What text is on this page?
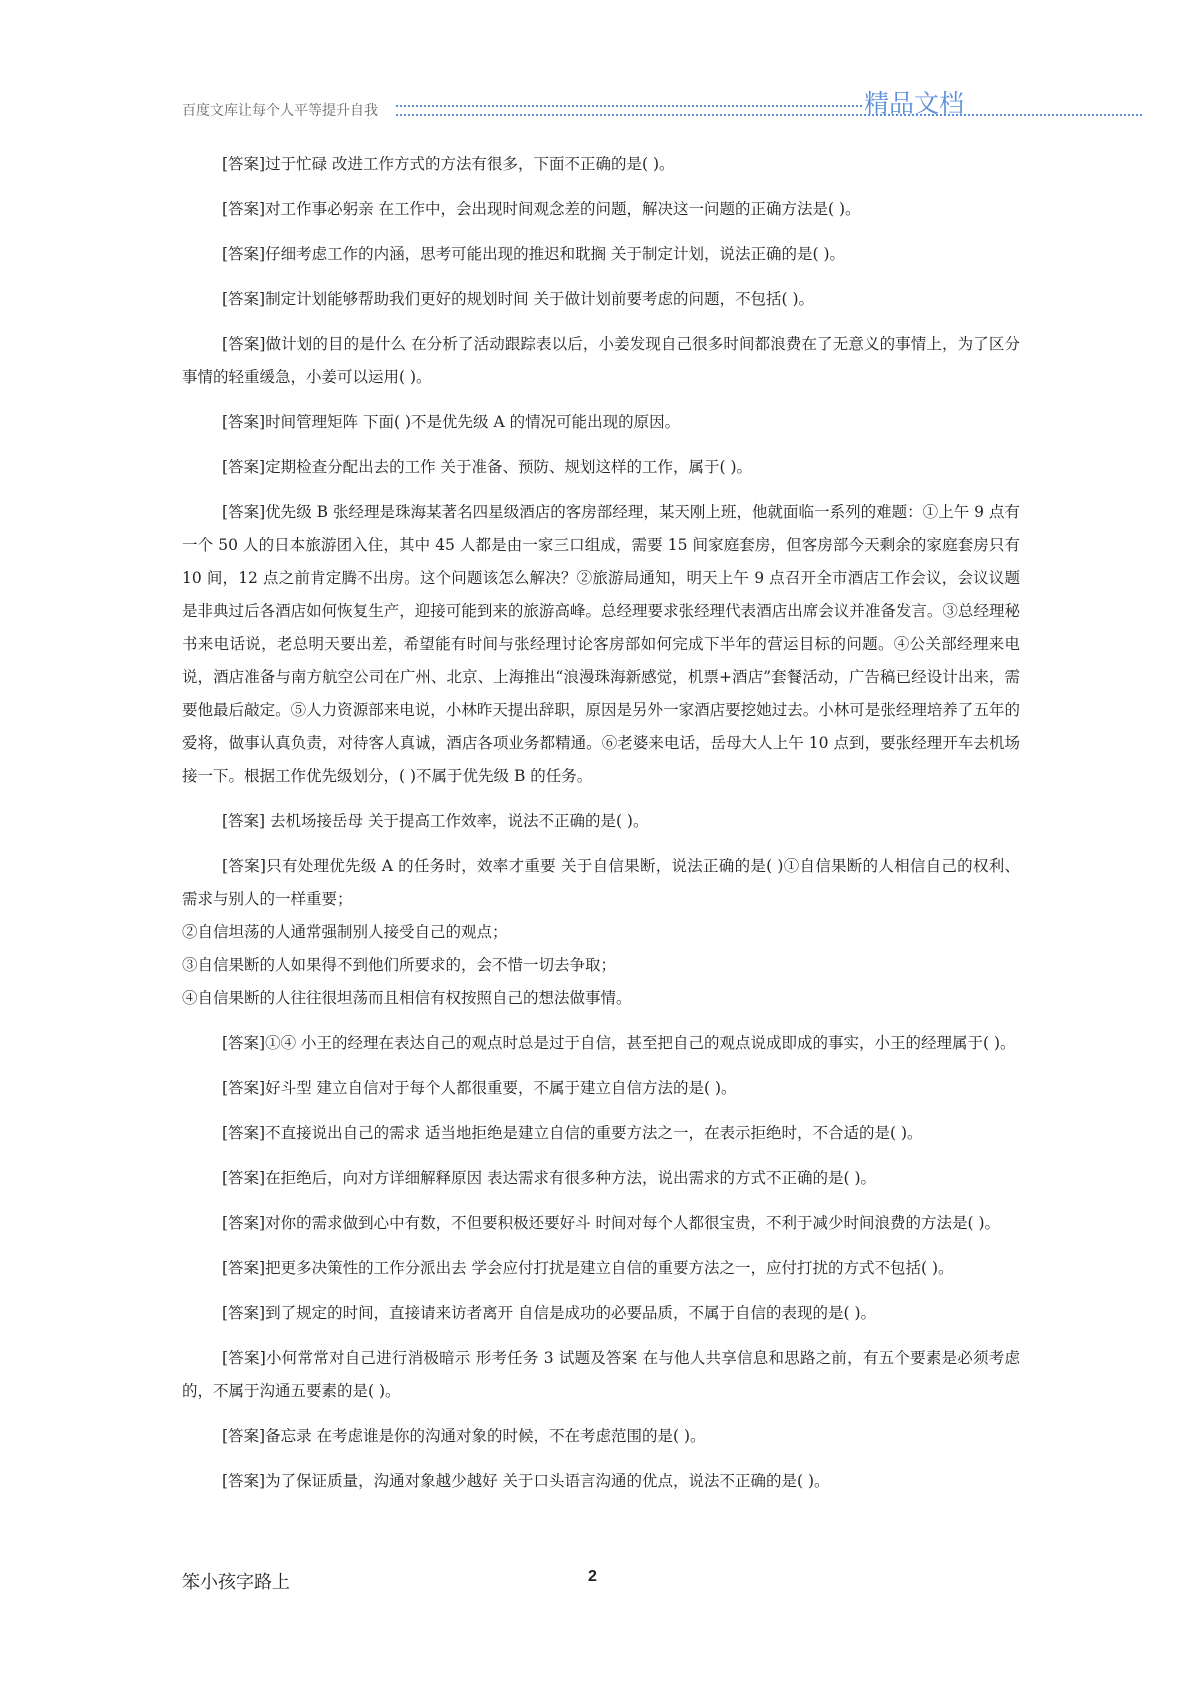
百度文库让每个人平等提升自我	精品文档

[答案]过于忙碌 改进工作方式的方法有很多，下面不正确的是( )。

[答案]对工作事必躬亲 在工作中，会出现时间观念差的问题，解决这一问题的正确方法是( )。

[答案]仔细考虑工作的内涵，思考可能出现的推迟和耽搁 关于制定计划，说法正确的是( )。

[答案]制定计划能够帮助我们更好的规划时间 关于做计划前要考虑的问题，不包括( )。

[答案]做计划的目的是什么 在分析了活动跟踪表以后，小姜发现自己很多时间都浪费在了无意义的事情上，为了区分事情的轻重缓急，小姜可以运用( )。

[答案]时间管理矩阵 下面( )不是优先级 A 的情况可能出现的原因。

[答案]定期检查分配出去的工作 关于准备、预防、规划这样的工作，属于( )。

[答案]优先级 B 张经理是珠海某著名四星级酒店的客房部经理，某天刚上班，他就面临一系列的难题：①上午 9 点有一个 50 人的日本旅游团入住，其中 45 人都是由一家三口组成，需要 15 间家庭套房，但客房部今天剩余的家庭套房只有 10 间，12 点之前肯定腾不出房。这个问题该怎么解决？②旅游局通知，明天上午 9 点召开全市酒店工作会议，会议议题是非典过后各酒店如何恢复生产，迎接可能到来的旅游高峰。总经理要求张经理代表酒店出席会议并准备发言。③总经理秘书来电话说，老总明天要出差，希望能有时间与张经理讨论客房部如何完成下半年的营运目标的问题。④公关部经理来电说，酒店准备与南方航空公司在广州、北京、上海推出“浪漫珠海新感觉，机票+酒店”套餐活动，广告稿已经设计出来，需要他最后敲定。⑤人力资源部来电说，小林昨天提出辞职，原因是另外一家酒店要挖她过去。小林可是张经理培养了五年的爱将，做事认真负责，对待客人真诚，酒店各项业务都精通。⑥老婆来电话，岳母大人上午 10 点到，要张经理开车去机场接一下。根据工作优先级划分，( )不属于优先级 B 的任务。

[答案] 去机场接岳母 关于提高工作效率，说法不正确的是( )。

[答案]只有处理优先级 A 的任务时，效率才重要 关于自信果断，说法正确的是( )①自信果断的人相信自己的权利、需求与别人的一样重要；
②自信坦荡的人通常强制别人接受自己的观点；
③自信果断的人如果得不到他们所要求的，会不惜一切去争取；
④自信果断的人往往很坦荡而且相信有权按照自己的想法做事情。

[答案]①④ 小王的经理在表达自己的观点时总是过于自信，甚至把自己的观点说成即成的事实，小王的经理属于( )。

[答案]好斗型 建立自信对于每个人都很重要，不属于建立自信方法的是( )。

[答案]不直接说出自己的需求 适当地拒绝是建立自信的重要方法之一，在表示拒绝时，不合适的是( )。

[答案]在拒绝后，向对方详细解释原因 表达需求有很多种方法，说出需求的方式不正确的是( )。

[答案]对你的需求做到心中有数，不但要积极还要好斗 时间对每个人都很宝贵，不利于减少时间浪费的方法是( )。

[答案]把更多决策性的工作分派出去 学会应付打扰是建立自信的重要方法之一，应付打扰的方式不包括( )。

[答案]到了规定的时间，直接请来访者离开 自信是成功的必要品质，不属于自信的表现的是( )。

[答案]小何常常对自己进行消极暗示 形考任务 3 试题及答案 在与他人共享信息和思路之前，有五个要素是必须考虑的，不属于沟通五要素的是( )。

[答案]备忘录 在考虑谁是你的沟通对象的时候，不在考虑范围的是( )。

[答案]为了保证质量，沟通对象越少越好 关于口头语言沟通的优点，说法不正确的是( )。

笨小孩字路上	2
